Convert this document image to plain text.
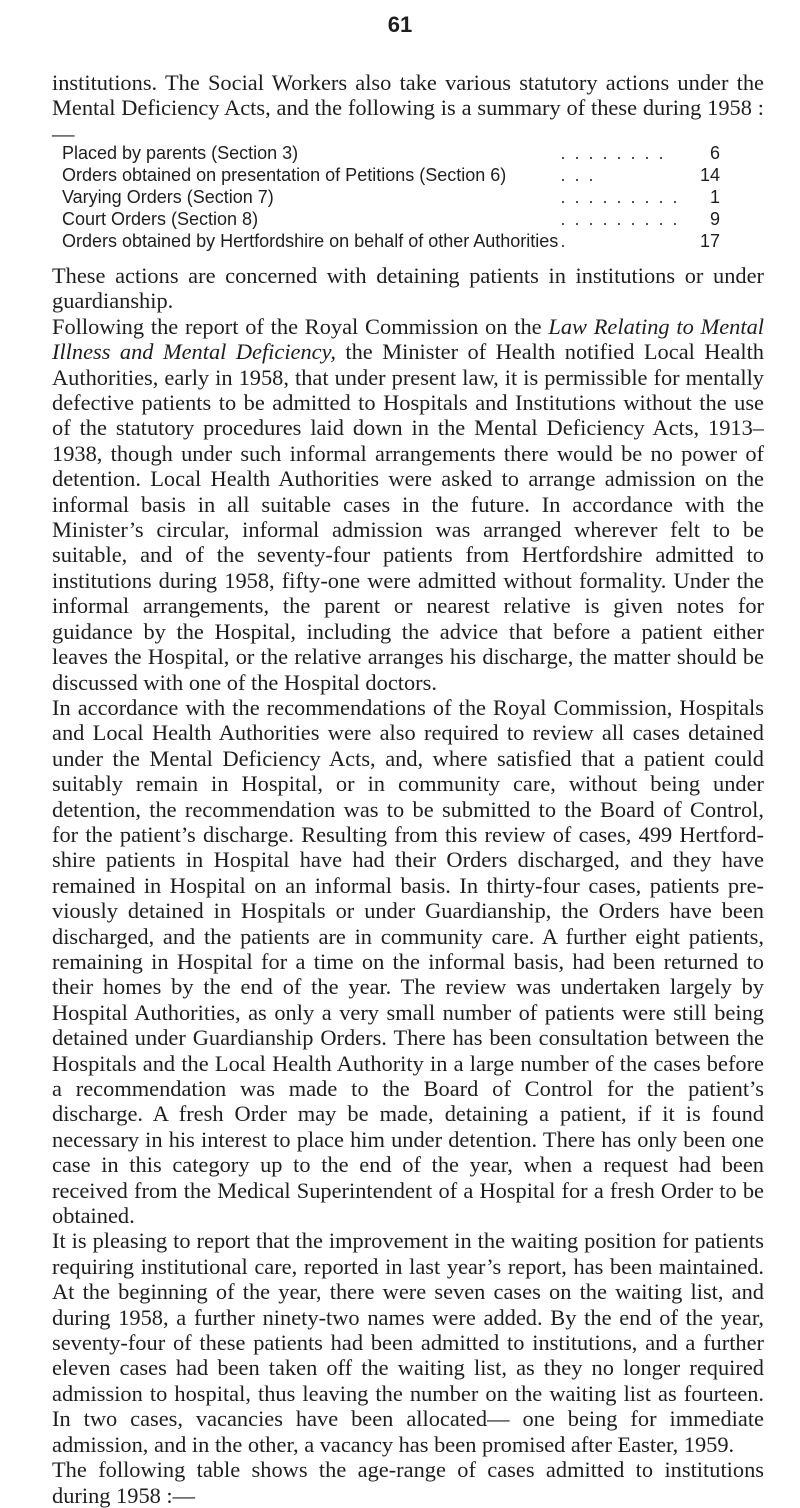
61
institutions. The Social Workers also take various statutory actions under the Mental Deficiency Acts, and the following is a summary of these during 1958 :—
Placed by parents (Section 3)	. . . . . . . .	6
Orders obtained on presentation of Petitions (Section 6)	. . .	14
Varying Orders (Section 7)	. . . . . . . . .	1
Court Orders (Section 8)	. . . . . . . . .	9
Orders obtained by Hertfordshire on behalf of other Authorities	.	17

These actions are concerned with detaining patients in institutions or under guardianship.

Following the report of the Royal Commission on the Law Relating to Mental Illness and Mental Deficiency, the Minister of Health notified Local Health Authorities, early in 1958, that under present law, it is permissible for mentally defective patients to be admitted to Hospitals and Institutions without the use of the statutory procedures laid down in the Mental Deficiency Acts, 1913–1938, though under such informal arrangements there would be no power of detention. Local Health Authorities were asked to arrange admission on the informal basis in all suitable cases in the future. In accordance with the Minister’s circular, informal admission was arranged wherever felt to be suitable, and of the seventy-four patients from Hertfordshire admitted to institutions during 1958, fifty-one were admitted without formality. Under the informal arrangements, the parent or nearest relative is given notes for guidance by the Hospital, including the advice that before a patient either leaves the Hospital, or the relative arranges his discharge, the matter should be discussed with one of the Hospital doctors.

In accordance with the recommendations of the Royal Commission, Hospitals and Local Health Authorities were also required to review all cases detained under the Mental Deficiency Acts, and, where satisfied that a patient could suitably remain in Hospital, or in community care, without being under detention, the recommendation was to be submitted to the Board of Control, for the patient’s discharge. Resulting from this review of cases, 499 Hertfordshire patients in Hospital have had their Orders discharged, and they have remained in Hospital on an informal basis. In thirty-four cases, patients previously detained in Hospitals or under Guardianship, the Orders have been discharged, and the patients are in community care. A further eight patients, remaining in Hospital for a time on the informal basis, had been returned to their homes by the end of the year. The review was undertaken largely by Hospital Authorities, as only a very small number of patients were still being detained under Guardianship Orders. There has been consultation between the Hospitals and the Local Health Authority in a large number of the cases before a recommendation was made to the Board of Control for the patient’s discharge. A fresh Order may be made, detaining a patient, if it is found necessary in his interest to place him under detention. There has only been one case in this category up to the end of the year, when a request had been received from the Medical Superintendent of a Hospital for a fresh Order to be obtained.

It is pleasing to report that the improvement in the waiting position for patients requiring institutional care, reported in last year’s report, has been maintained. At the beginning of the year, there were seven cases on the waiting list, and during 1958, a further ninety-two names were added. By the end of the year, seventy-four of these patients had been admitted to institutions, and a further eleven cases had been taken off the waiting list, as they no longer required admission to hospital, thus leaving the number on the waiting list as fourteen. In two cases, vacancies have been allocated— one being for immediate admission, and in the other, a vacancy has been promised after Easter, 1959.

The following table shows the age-range of cases admitted to institutions during 1958 :—
